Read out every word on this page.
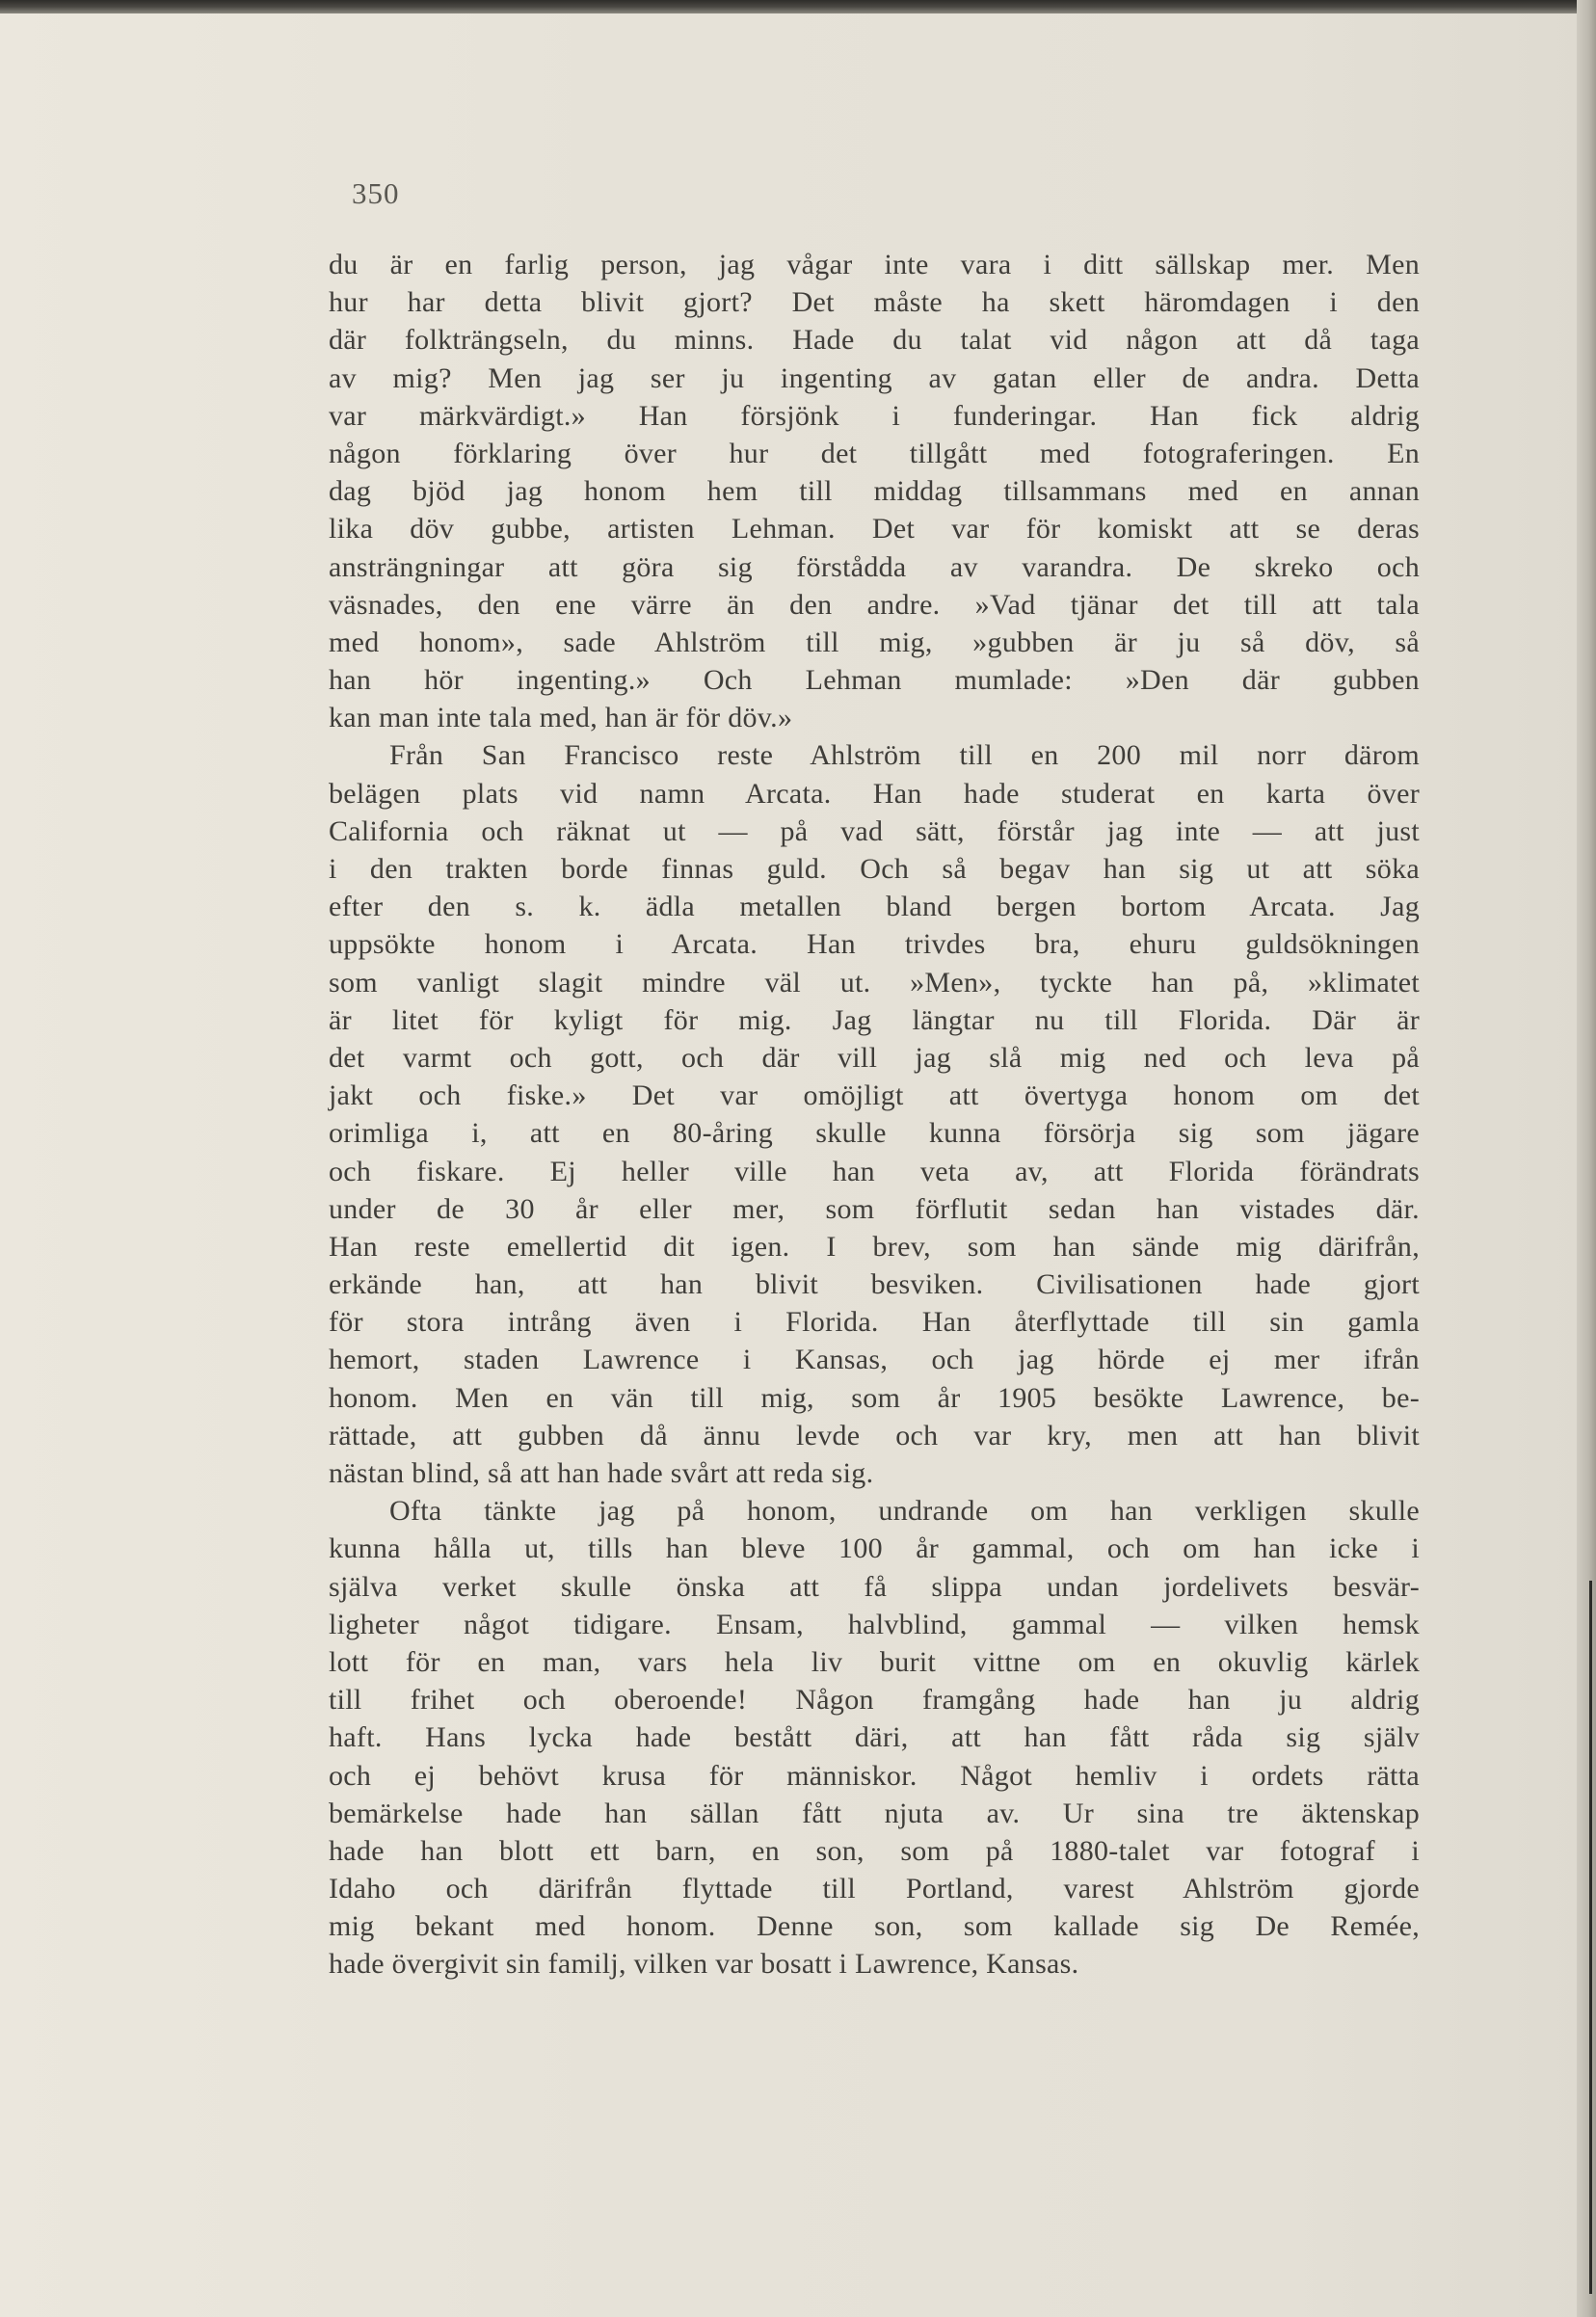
350
du är en farlig person, jag vågar inte vara i ditt sällskap mer. Men
hur har detta blivit gjort? Det måste ha skett häromdagen i den
där folkträngseln, du minns. Hade du talat vid någon att då taga
av mig? Men jag ser ju ingenting av gatan eller de andra. Detta
var märkvärdigt.» Han försjönk i funderingar. Han fick aldrig
någon förklaring över hur det tillgått med fotograferingen. En
dag bjöd jag honom hem till middag tillsammans med en annan
lika döv gubbe, artisten Lehman. Det var för komiskt att se deras
ansträngningar att göra sig förstådda av varandra. De skreko och
väsnades, den ene värre än den andre. »Vad tjänar det till att tala
med honom», sade Ahlström till mig, »gubben är ju så döv, så
han hör ingenting.» Och Lehman mumlade: »Den där gubben
kan man inte tala med, han är för döv.»
Från San Francisco reste Ahlström till en 200 mil norr därom
belägen plats vid namn Arcata. Han hade studerat en karta över
California och räknat ut — på vad sätt, förstår jag inte — att just
i den trakten borde finnas guld. Och så begav han sig ut att söka
efter den s. k. ädla metallen bland bergen bortom Arcata. Jag
uppsökte honom i Arcata. Han trivdes bra, ehuru guldsökningen
som vanligt slagit mindre väl ut. »Men», tyckte han på, »klimatet
är litet för kyligt för mig. Jag längtar nu till Florida. Där är
det varmt och gott, och där vill jag slå mig ned och leva på
jakt och fiske.» Det var omöjligt att övertyga honom om det
orimliga i, att en 80-åring skulle kunna försörja sig som jägare
och fiskare. Ej heller ville han veta av, att Florida förändrats
under de 30 år eller mer, som förflutit sedan han vistades där.
Han reste emellertid dit igen. I brev, som han sände mig därifrån,
erkände han, att han blivit besviken. Civilisationen hade gjort
för stora intrång även i Florida. Han återflyttade till sin gamla
hemort, staden Lawrence i Kansas, och jag hörde ej mer ifrån
honom. Men en vän till mig, som år 1905 besökte Lawrence, be-
rättade, att gubben då ännu levde och var kry, men att han blivit
nästan blind, så att han hade svårt att reda sig.
Ofta tänkte jag på honom, undrande om han verkligen skulle
kunna hålla ut, tills han bleve 100 år gammal, och om han icke i
själva verket skulle önska att få slippa undan jordelivets besvär-
ligheter något tidigare. Ensam, halvblind, gammal — vilken hemsk
lott för en man, vars hela liv burit vittne om en okuvlig kärlek
till frihet och oberoende! Någon framgång hade han ju aldrig
haft. Hans lycka hade bestått däri, att han fått råda sig själv
och ej behövt krusa för människor. Något hemliv i ordets rätta
bemärkelse hade han sällan fått njuta av. Ur sina tre äktenskap
hade han blott ett barn, en son, som på 1880-talet var fotograf i
Idaho och därifrån flyttade till Portland, varest Ahlström gjorde
mig bekant med honom. Denne son, som kallade sig De Remée,
hade övergivit sin familj, vilken var bosatt i Lawrence, Kansas.
